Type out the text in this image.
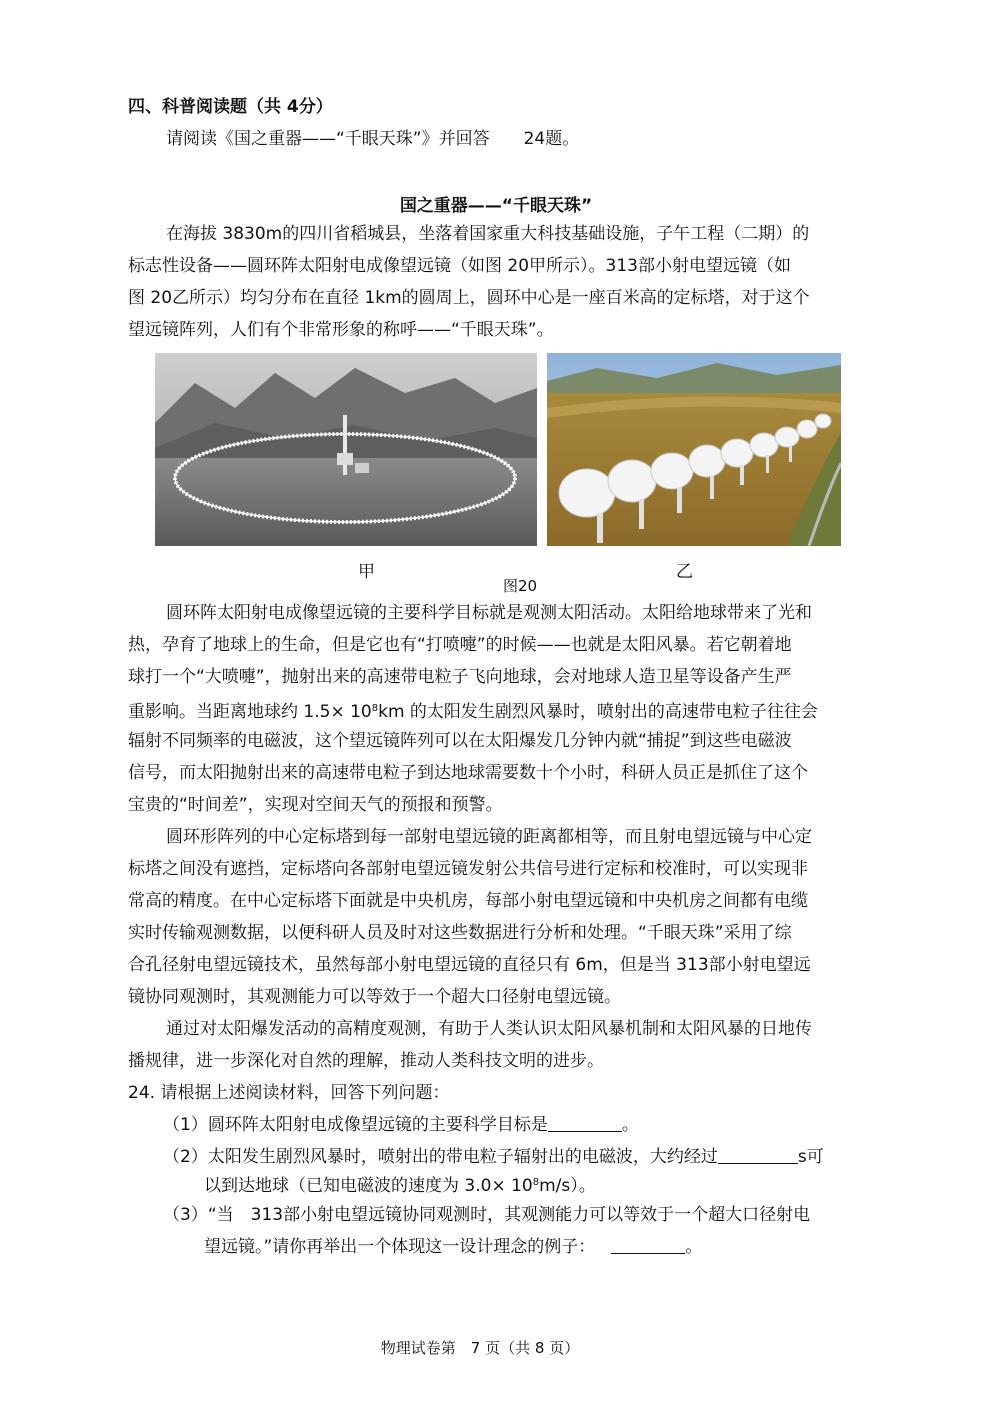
四、科普阅读题（共 4分）
请阅读《国之重器——“千眼天珠”》并回答　　24题。
国之重器——“千眼天珠”
在海拔 3830m的四川省稻城县，坐落着国家重大科技基础设施，子午工程（二期）的
标志性设备——圆环阵太阳射电成像望远镜（如图 20甲所示）。313部小射电望远镜（如
图 20乙所示）均匀分布在直径 1km的圆周上，圆环中心是一座百米高的定标塔，对于这个
望远镜阵列，人们有个非常形象的称呼——“千眼天珠”。
甲	乙
图20
圆环阵太阳射电成像望远镜的主要科学目标就是观测太阳活动。太阳给地球带来了光和
热，孕育了地球上的生命，但是它也有“打喷嚏”的时候——也就是太阳风暴。若它朝着地
球打一个“大喷嚏”，抛射出来的高速带电粒子飞向地球，会对地球人造卫星等设备产生严
重影响。当距离地球约 $1.5\times 10^8km$ 的太阳发生剧烈风暴时，喷射出的高速带电粒子往往会
辐射不同频率的电磁波，这个望远镜阵列可以在太阳爆发几分钟内就“捕捉”到这些电磁波
信号，而太阳抛射出来的高速带电粒子到达地球需要数十个小时，科研人员正是抓住了这个
宝贵的“时间差”，实现对空间天气的预报和预警。
圆环形阵列的中心定标塔到每一部射电望远镜的距离都相等，而且射电望远镜与中心定
标塔之间没有遮挡，定标塔向各部射电望远镜发射公共信号进行定标和校准时，可以实现非
常高的精度。在中心定标塔下面就是中央机房，每部小射电望远镜和中央机房之间都有电缆
实时传输观测数据，以便科研人员及时对这些数据进行分析和处理。“千眼天珠”采用了综
合孔径射电望远镜技术，虽然每部小射电望远镜的直径只有 6m，但是当 313部小射电望远
镜协同观测时，其观测能力可以等效于一个超大口径射电望远镜。
通过对太阳爆发活动的高精度观测，有助于人类认识太阳风暴机制和太阳风暴的日地传
播规律，进一步深化对自然的理解，推动人类科技文明的进步。
24. 请根据上述阅读材料，回答下列问题：
（1）圆环阵太阳射电成像望远镜的主要科学目标是	。
（2）太阳发生剧烈风暴时，喷射出的带电粒子辐射出的电磁波，大约经过	s可
以到达地球（已知电磁波的速度为 $3.0\times 10^8m/s$）。
（3）“当　313部小射电望远镜协同观测时，其观测能力可以等效于一个超大口径射电
望远镜。”请你再举出一个体现这一设计理念的例子：	。
物理试卷第　7 页（共 8 页）
